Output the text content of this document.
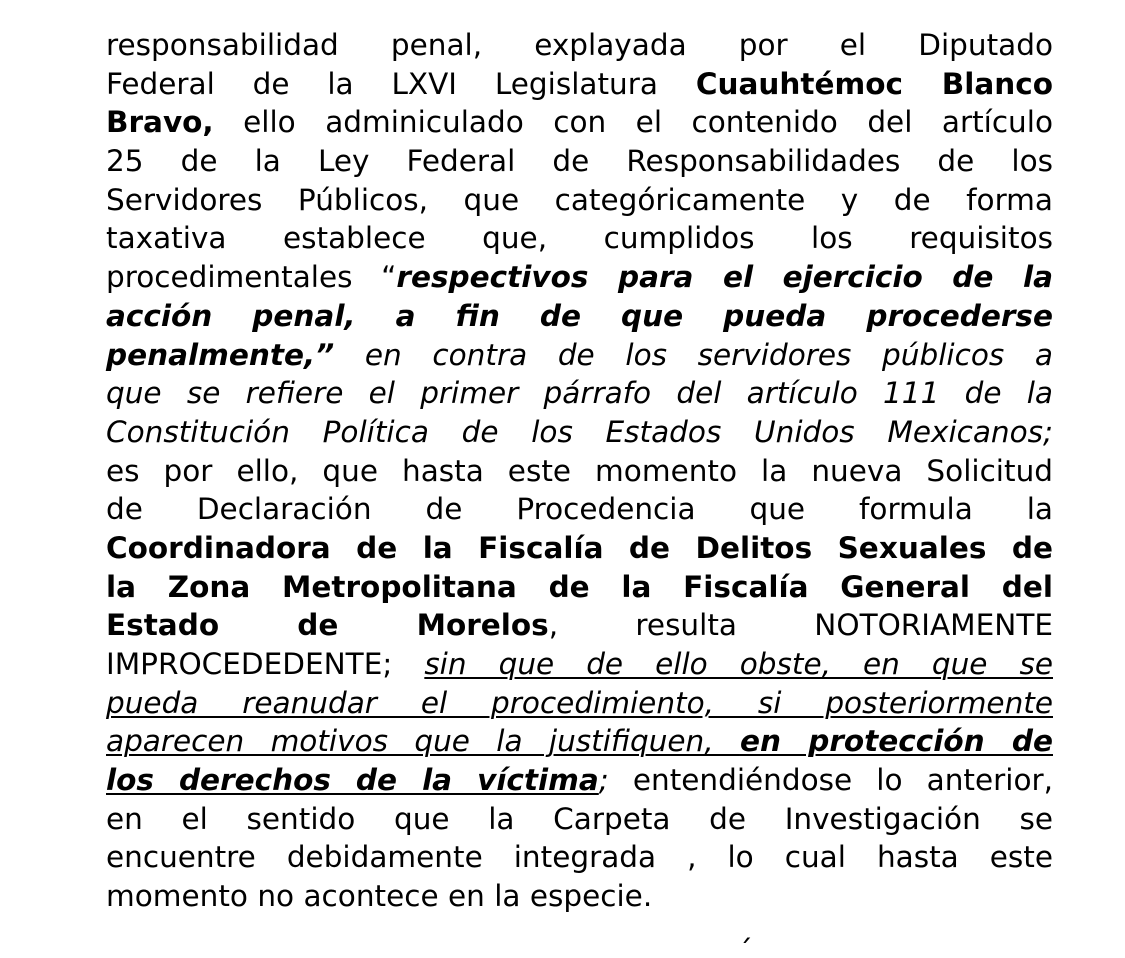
responsabilidad penal, explayada por el Diputado
Federal de la LXVI Legislatura Cuauhtémoc Blanco
Bravo, ello adminiculado con el contenido del artículo
25 de la Ley Federal de Responsabilidades de los
Servidores Públicos, que categóricamente y de forma
taxativa establece que, cumplidos los requisitos
procedimentales “respectivos para el ejercicio de la
acción penal, a fin de que pueda procederse
penalmente,” en contra de los servidores públicos a
que se refiere el primer párrafo del artículo 111 de la
Constitución Política de los Estados Unidos Mexicanos;
es por ello, que hasta este momento la nueva Solicitud
de Declaración de Procedencia que formula la
Coordinadora de la Fiscalía de Delitos Sexuales de
la Zona Metropolitana de la Fiscalía General del
Estado de Morelos, resulta NOTORIAMENTE
IMPROCEDEDENTE; sin que de ello obste, en que se
pueda reanudar el procedimiento, si posteriormente
aparecen motivos que la justifiquen, en protección de
los derechos de la víctima; entendiéndose lo anterior,
en el sentido que la Carpeta de Investigación se
encuentre debidamente integrada , lo cual hasta este
momento no acontece en la especie.
´
